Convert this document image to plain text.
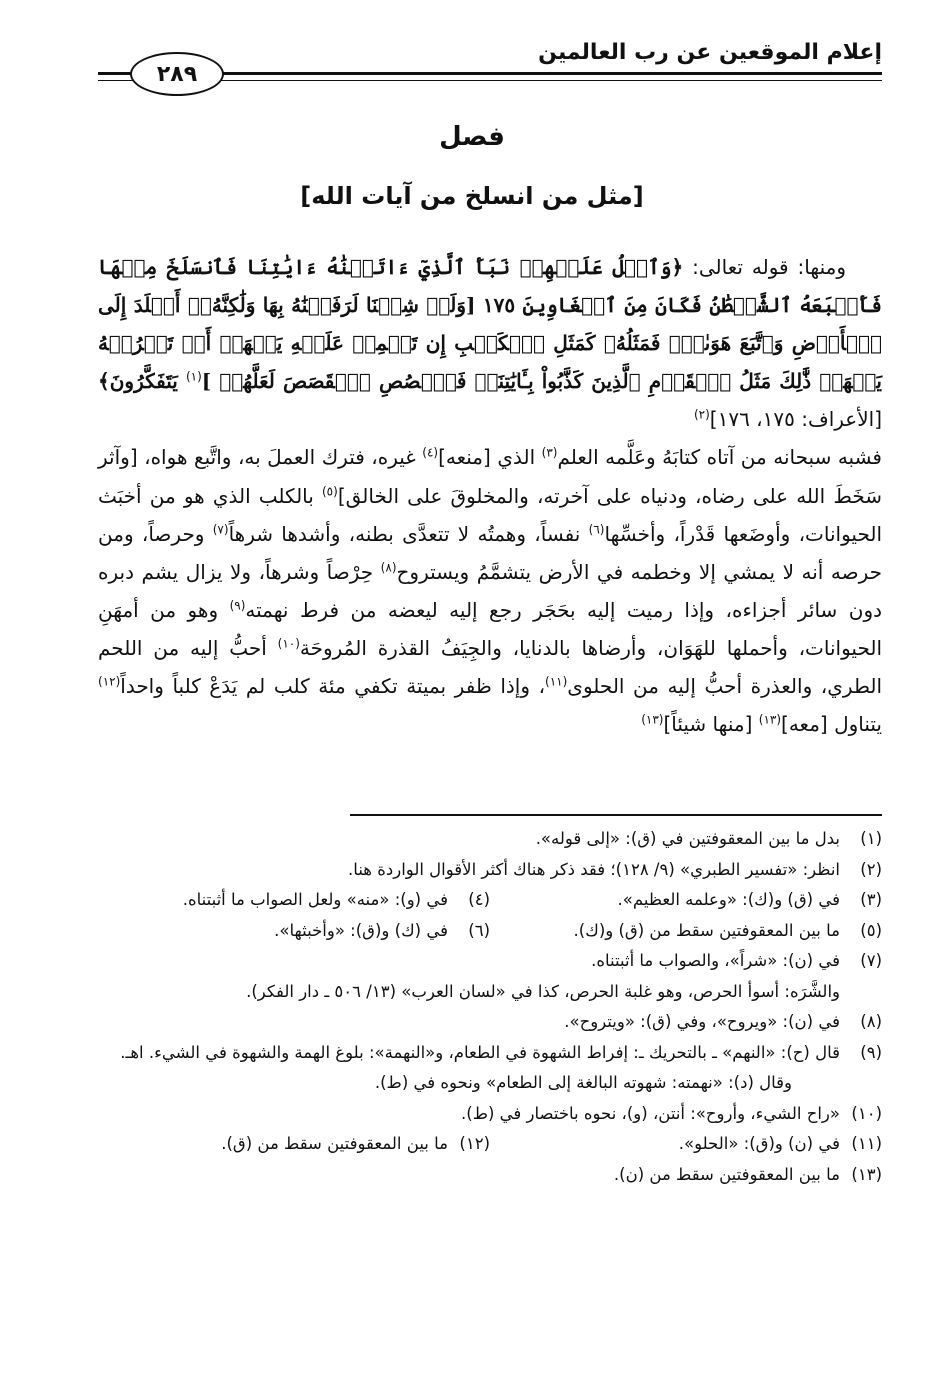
إعلام الموقعين عن رب العالمين
٢٨٩
فصل
[مثل من انسلخ من آيات الله]

ومنها: قوله تعالى: ﴿وَٱتۡلُ عَلَيۡهِمۡ نَبَأَ ٱلَّذِيٓ ءَاتَيۡنَٰهُ ءَايَٰتِنَا فَٱنسَلَخَ مِنۡهَا فَأَتۡبَعَهُ ٱلشَّيۡطَٰنُ فَكَانَ مِنَ ٱلۡغَاوِينَ ١٧٥ [وَلَوۡ شِئۡنَا لَرَفَعۡنَٰهُ بِهَا وَلَٰكِنَّهُۥٓ أَخۡلَدَ إِلَى ٱلۡأَرۡضِ وَٱتَّبَعَ هَوَىٰهُۚ فَمَثَلُهُۥ كَمَثَلِ ٱلۡكَلۡبِ إِن تَحۡمِلۡ عَلَيۡهِ يَلۡهَثۡ أَوۡ تَتۡرُكۡهُ يَلۡهَثۚ ذَّٰلِكَ مَثَلُ ٱلۡقَوۡمِ ٱلَّذِينَ كَذَّبُواْ بِـَٔايَٰتِنَاۚ فَٱقۡصُصِ ٱلۡقَصَصَ لَعَلَّهُمۡ ]$^{(١)}$ يَتَفَكَّرُونَ﴾ [الأعراف: ١٧٥، ١٧٦]$^{(٢)}$

فشبه سبحانه من آتاه كتابَهُ وعَلَّمه العلم$^{(٣)}$ الذي [منعه]$^{(٤)}$ غيره، فترك العملَ به، واتَّبع هواه، [وآثر سَخَطَ الله على رضاه، ودنياه على آخرته، والمخلوقَ على الخالق]$^{(٥)}$ بالكلب الذي هو من أخبَث الحيوانات، وأوضَعها قَدْراً، وأخسِّها$^{(٦)}$ نفساً، وهمتُه لا تتعدَّى بطنه، وأشدها شرهاً$^{(٧)}$ وحرصاً، ومن حرصه أنه لا يمشي إلا وخطمه في الأرض يتشمَّمُ ويستروح$^{(٨)}$ حِرْصاً وشرهاً، ولا يزال يشم دبره دون سائر أجزاءه، وإذا رميت إليه بحَجَر رجع إليه ليعضه من فرط نهمته$^{(٩)}$ وهو من أمهَنِ الحيوانات، وأحملها للهَوَان، وأرضاها بالدنايا، والجِيَفُ القذرة المُروحَة$^{(١٠)}$ أحبُّ إليه من اللحم الطري، والعذرة أحبُّ إليه من الحلوى$^{(١١)}$، وإذا ظفر بميتة تكفي مئة كلب لم يَدَعْ كلباً واحداً$^{(١٢)}$ يتناول [معه]$^{(١٣)}$ [منها شيئاً]$^{(١٣)}$

(١)
بدل ما بين المعقوفتين في (ق): «إلى قوله».
(٢)
انظر: «تفسير الطبري» (٩/ ١٢٨)؛ فقد ذكر هناك أكثر الأقوال الواردة هنا.
(٣)
في (ق) و(ك): «وعلمه العظيم».
(٤)
في (و): «منه» ولعل الصواب ما أثبتناه.
(٥)
ما بين المعقوفتين سقط من (ق) و(ك).
(٦)
في (ك) و(ق): «وأخبثها».
(٧)
في (ن): «شراً»، والصواب ما أثبتناه.
والشَّرَه: أسوأ الحرص، وهو غلبة الحرص، كذا في «لسان العرب» (١٣/ ٥٠٦ ـ دار الفكر).
(٨)
في (ن): «ويروح»، وفي (ق): «ويتروح».
(٩)
قال (ح): «النهم» ـ بالتحريك ـ: إفراط الشهوة في الطعام، و«النهمة»: بلوغ الهمة والشهوة في الشيء. اهـ.
وقال (د): «نهمته: شهوته البالغة إلى الطعام» ونحوه في (ط).
(١٠)
«راح الشيء، وأروح»: أنتن، (و)، نحوه باختصار في (ط).
(١١)
في (ن) و(ق): «الحلو».
(١٢)
ما بين المعقوفتين سقط من (ق).
(١٣)
ما بين المعقوفتين سقط من (ن).
